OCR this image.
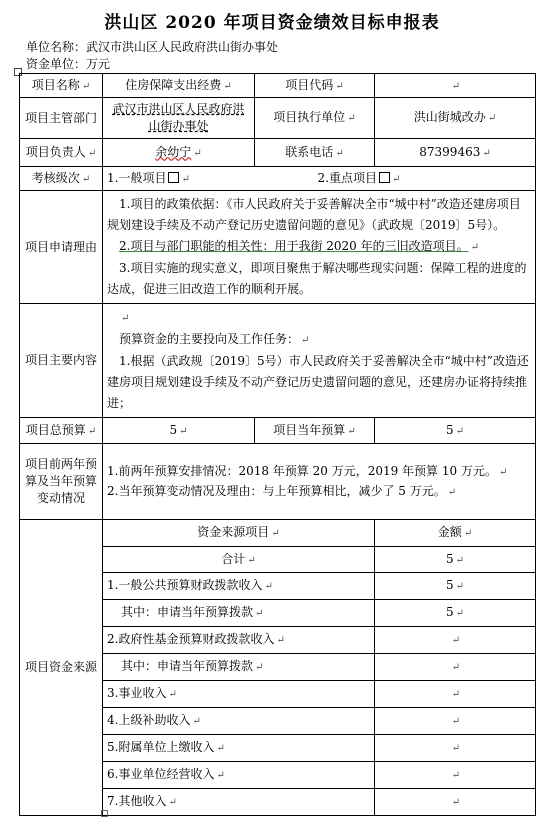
洪山区 2020 年项目资金绩效目标申报表
单位名称：武汉市洪山区人民政府洪山街办事处
资金单位：万元
项目名称 ↵	住房保障支出经费 ↵	项目代码 ↵	↵
项目主管部门	武汉市洪山区人民政府洪山街办事处	项目执行单位 ↵	洪山街城改办 ↵
项目负责人 ↵	余幼宁 ↵	联系电话 ↵	87399463 ↵
考核级次 ↵	1.一般项目 ↵ 2.重点项目 ↵		
项目申请理由	1.项目的政策依据：《市人民政府关于妥善解决全市“城中村”改造还建房项目规划建设手续及不动产登记历史遗留问题的意见》（武政规〔2019〕5号）。
2.项目与部门职能的相关性：用于我街 2020 年的三旧改造项目。 ↵
3.项目实施的现实意义，即项目聚焦于解决哪些现实问题：保障工程的进度的达成，促进三旧改造工作的顺利开展。		

项目主要内容	↵
预算资金的主要投向及工作任务： ↵
1.根据（武政规〔2019〕5号）市人民政府关于妥善解决全市“城中村”改造还建房项目规划建设手续及不动产登记历史遗留问题的意见，还建房办证将持续推进；		

项目总预算 ↵	5 ↵	项目当年预算 ↵	5 ↵
项目前两年预算及当年预算变动情况	1.前两年预算安排情况：2018 年预算 20 万元，2019 年预算 10 万元。 ↵
2.当年预算变动情况及理由：与上年预算相比，减少了 5 万元。 ↵		

项目资金来源	资金来源项目 ↵		金额 ↵
	合计 ↵		5 ↵
	1.一般公共预算财政拨款收入 ↵		5 ↵
	其中：申请当年预算拨款 ↵		5 ↵
	2.政府性基金预算财政拨款收入 ↵		↵
	其中：申请当年预算拨款 ↵		↵
	3.事业收入 ↵		↵
	4.上级补助收入 ↵		↵
	5.附属单位上缴收入 ↵		↵
	6.事业单位经营收入 ↵		↵
	7.其他收入 ↵		↵
